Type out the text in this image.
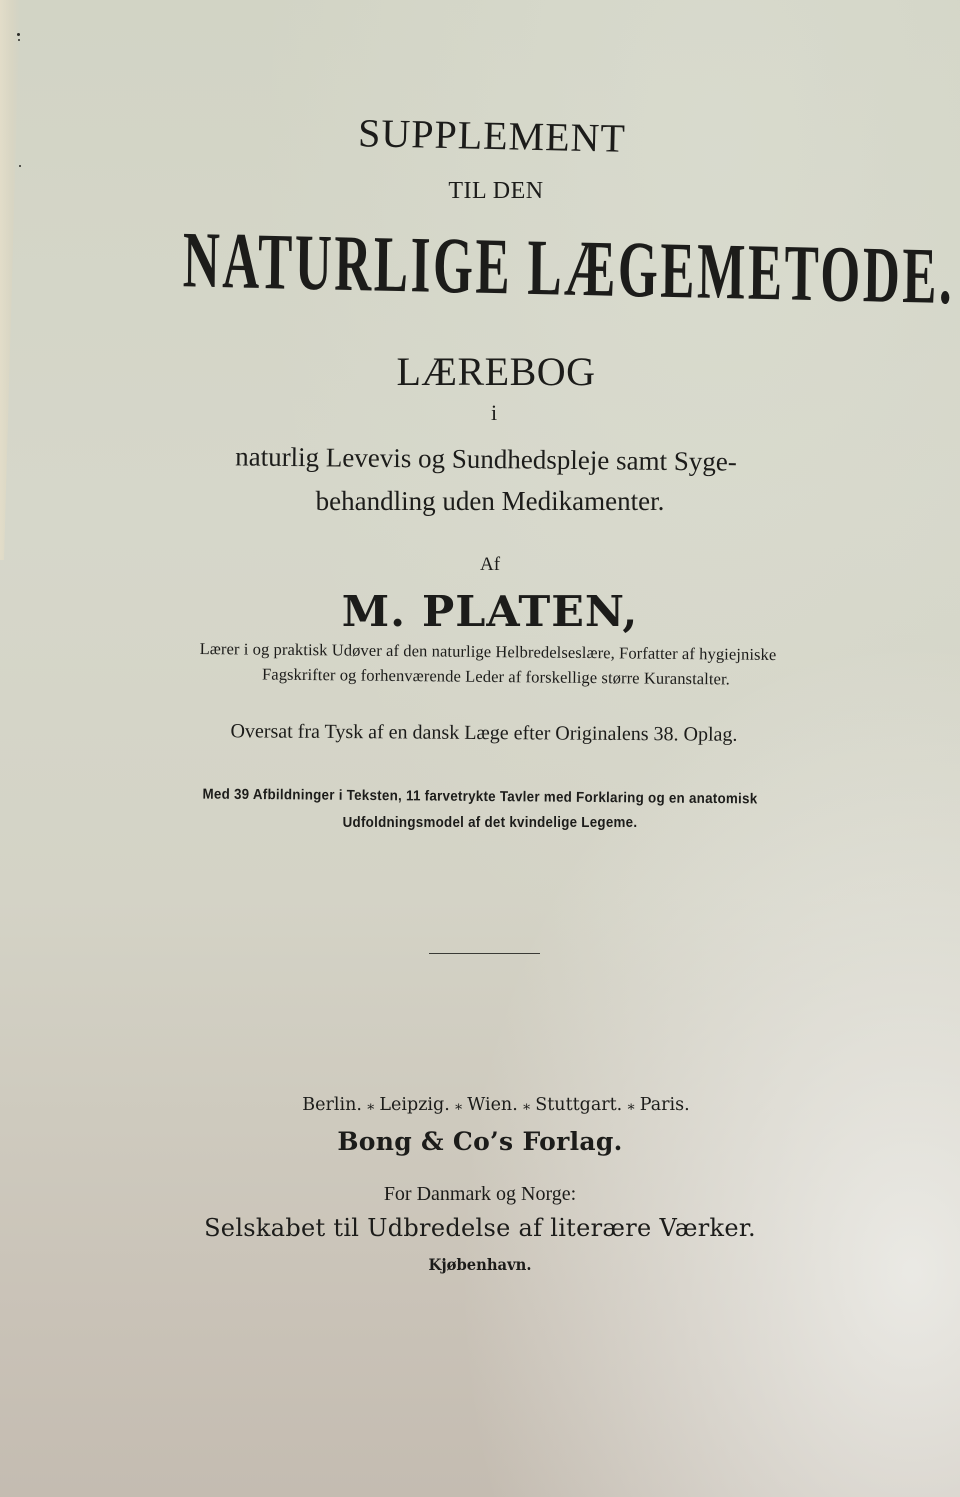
SUPPLEMENT
TIL DEN
NATURLIGE LÆGEMETODE.
LÆREBOG
i
naturlig Levevis og Sundhedspleje samt Syge-
behandling uden Medikamenter.
Af
M. PLATEN,
Lærer i og praktisk Udøver af den naturlige Helbredelseslære, Forfatter af hygiejniske
Fagskrifter og forhenværende Leder af forskellige større Kuranstalter.
Oversat fra Tysk af en dansk Læge efter Originalens 38. Oplag.
Med 39 Afbildninger i Teksten, 11 farvetrykte Tavler med Forklaring og en anatomisk
Udfoldningsmodel af det kvindelige Legeme.
Berlin. ∗ Leipzig. ∗ Wien. ∗ Stuttgart. ∗ Paris.
Bong & Co’s Forlag.
For Danmark og Norge:
Selskabet til Udbredelse af literære Værker.
Kjøbenhavn.
